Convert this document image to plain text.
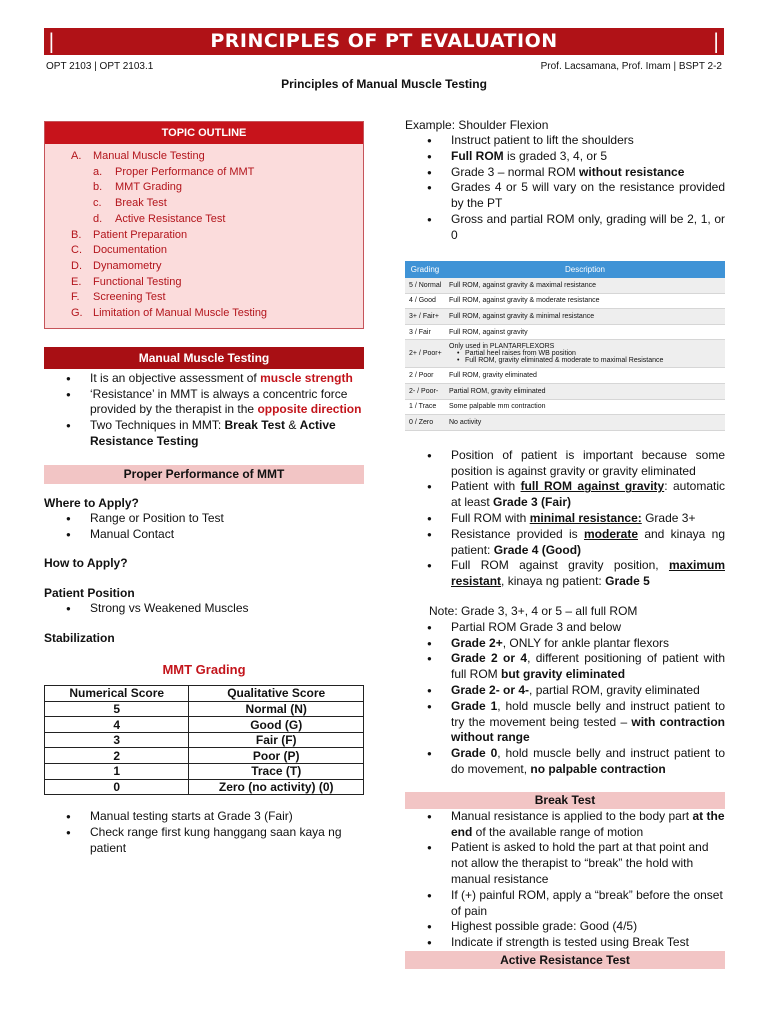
|	PRINCIPLES OF PT EVALUATION	|
OPT 2103 | OPT 2103.1	Prof. Lacsamana, Prof. Imam | BSPT 2-2
Principles of Manual Muscle Testing
TOPIC OUTLINE
A.	Manual Muscle Testing
a.	Proper Performance of MMT
b.	MMT Grading
c.	Break Test
d.	Active Resistance Test
B.	Patient Preparation
C.	Documentation
D.	Dynamometry
E.	Functional Testing
F.	Screening Test
G. Limitation of Manual Muscle Testing
Manual Muscle Testing
● It is an objective assessment of muscle strength
● ‘Resistance’ in MMT is always a concentric force provided by the therapist in the opposite direction
● Two Techniques in MMT: Break Test & Active Resistance Testing
Proper Performance of MMT
Where to Apply?
● Range or Position to Test
● Manual Contact
How to Apply?
Patient Position
● Strong vs Weakened Muscles
Stabilization
MMT Grading
Numerical Score	Qualitative Score
5	Normal (N)
4	Good (G)
3	Fair (F)
2	Poor (P)
1	Trace (T)
0	Zero (no activity) (0)
● Manual testing starts at Grade 3 (Fair)
● Check range first kung hanggang saan kaya ng patient
Example: Shoulder Flexion
● Instruct patient to lift the shoulders
● Full ROM is graded 3, 4, or 5
● Grade 3 – normal ROM without resistance
● Grades 4 or 5 will vary on the resistance provided by the PT
● Gross and partial ROM only, grading will be 2, 1, or 0
Grading	Description
5 / Normal	Full ROM, against gravity & maximal resistance
4 / Good	Full ROM, against gravity & moderate resistance
3+ / Fair+	Full ROM, against gravity & minimal resistance
3 / Fair	Full ROM, against gravity
2+ / Poor+	Only used in PLANTARFLEXORS
• Partial heel raises from WB position
• Full ROM, gravity eliminated & moderate to maximal Resistance

2 / Poor	Full ROM, gravity eliminated
2- / Poor-	Partial ROM, gravity eliminated
1 / Trace	Some palpable mm contraction
0 / Zero	No activity
● Position of patient is important because some position is against gravity or gravity eliminated
● Patient with full ROM against gravity: automatic at least Grade 3 (Fair)
● Full ROM with minimal resistance: Grade 3+
● Resistance provided is moderate and kinaya ng patient: Grade 4 (Good)
● Full ROM against gravity position, maximum resistant, kinaya ng patient: Grade 5
Note: Grade 3, 3+, 4 or 5 – all full ROM
● Partial ROM Grade 3 and below
● Grade 2+, ONLY for ankle plantar flexors
● Grade 2 or 4, different positioning of patient with full ROM but gravity eliminated
● Grade 2- or 4-, partial ROM, gravity eliminated
● Grade 1, hold muscle belly and instruct patient to try the movement being tested – with contraction without range
● Grade 0, hold muscle belly and instruct patient to do movement, no palpable contraction
Break Test
● Manual resistance is applied to the body part at the end of the available range of motion
● Patient is asked to hold the part at that point and not allow the therapist to “break” the hold with manual resistance
● If (+) painful ROM, apply a “break” before the onset of pain
● Highest possible grade: Good (4/5)
● Indicate if strength is tested using Break Test
Active Resistance Test
